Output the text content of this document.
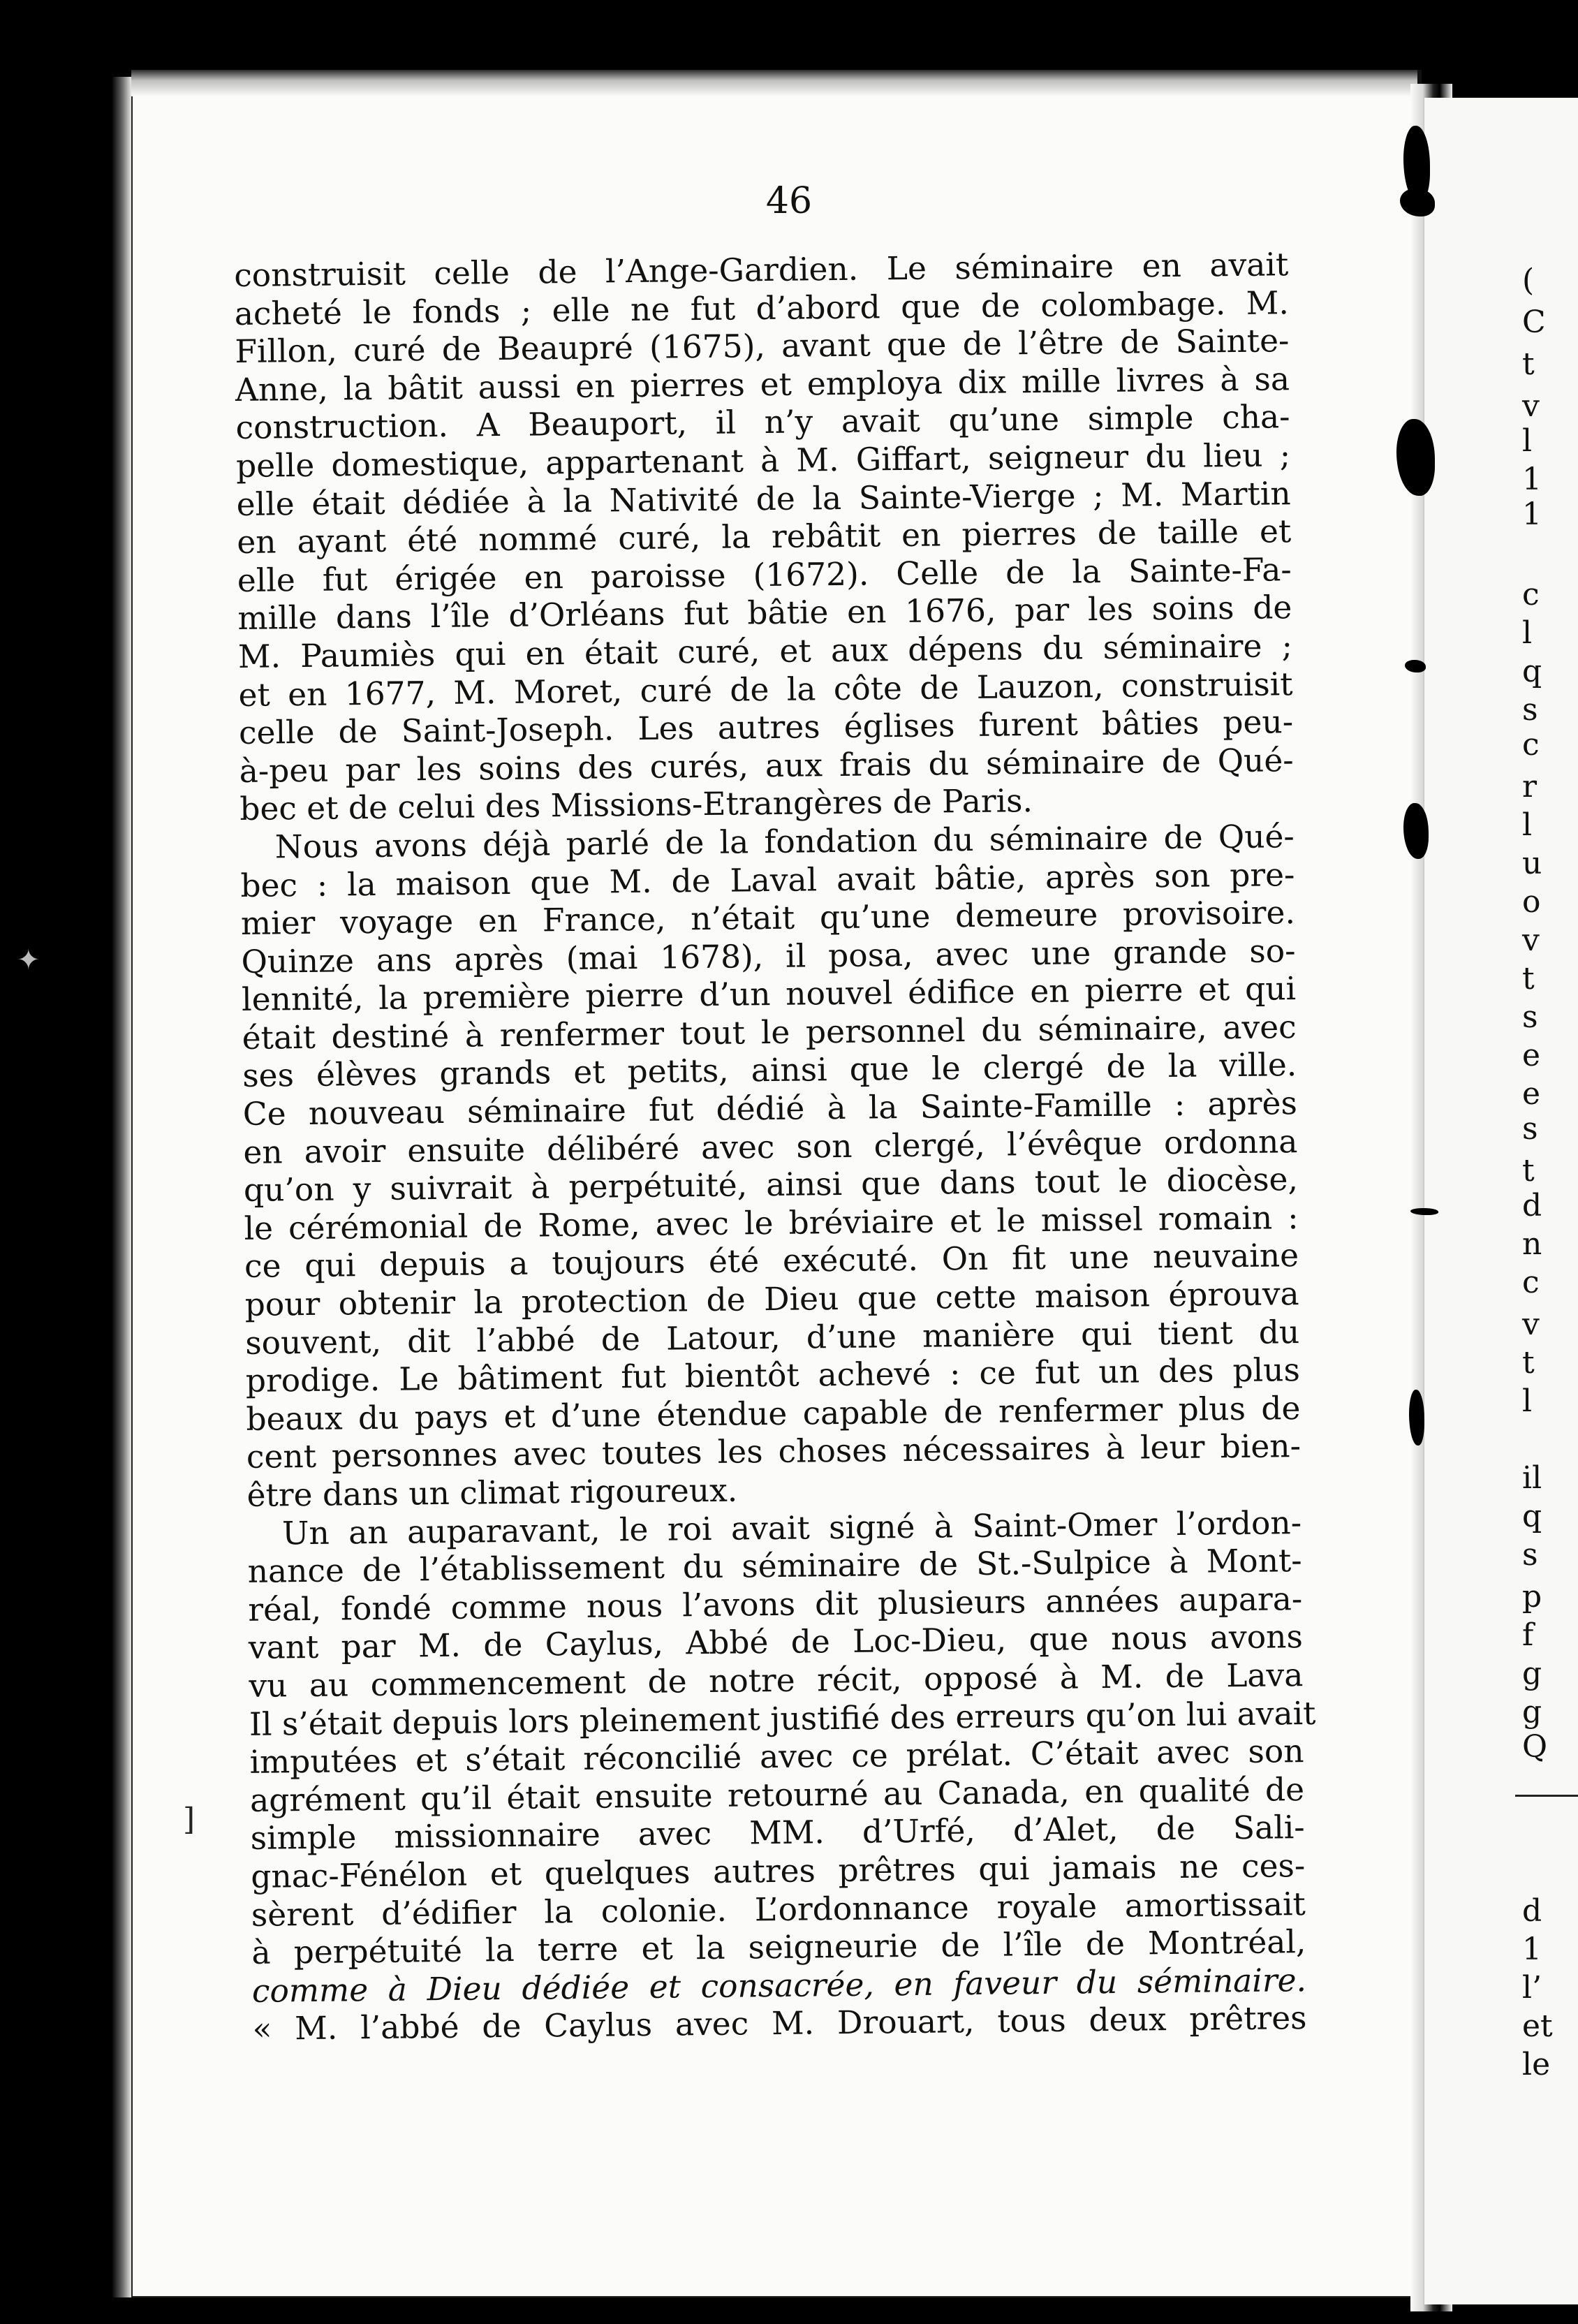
46
construisit celle de l’Ange-Gardien. Le séminaire en avait
acheté le fonds ; elle ne fut d’abord que de colombage. M.
Fillon, curé de Beaupré (1675), avant que de l’être de Sainte-
Anne, la bâtit aussi en pierres et employa dix mille livres à sa
construction. A Beauport, il n’y avait qu’une simple cha-
pelle domestique, appartenant à M. Giffart, seigneur du lieu ;
elle était dédiée à la Nativité de la Sainte-Vierge ; M. Martin
en ayant été nommé curé, la rebâtit en pierres de taille et
elle fut érigée en paroisse (1672). Celle de la Sainte-Fa-
mille dans l’île d’Orléans fut bâtie en 1676, par les soins de
M. Paumiès qui en était curé, et aux dépens du séminaire ;
et en 1677, M. Moret, curé de la côte de Lauzon, construisit
celle de Saint-Joseph. Les autres églises furent bâties peu-
à-peu par les soins des curés, aux frais du séminaire de Qué-
bec et de celui des Missions-Etrangères de Paris.
Nous avons déjà parlé de la fondation du séminaire de Qué-
bec : la maison que M. de Laval avait bâtie, après son pre-
mier voyage en France, n’était qu’une demeure provisoire.
Quinze ans après (mai 1678), il posa, avec une grande so-
lennité, la première pierre d’un nouvel édifice en pierre et qui
était destiné à renfermer tout le personnel du séminaire, avec
ses élèves grands et petits, ainsi que le clergé de la ville.
Ce nouveau séminaire fut dédié à la Sainte-Famille : après
en avoir ensuite délibéré avec son clergé, l’évêque ordonna
qu’on y suivrait à perpétuité, ainsi que dans tout le diocèse,
le cérémonial de Rome, avec le bréviaire et le missel romain :
ce qui depuis a toujours été exécuté. On fit une neuvaine
pour obtenir la protection de Dieu que cette maison éprouva
souvent, dit l’abbé de Latour, d’une manière qui tient du
prodige. Le bâtiment fut bientôt achevé : ce fut un des plus
beaux du pays et d’une étendue capable de renfermer plus de
cent personnes avec toutes les choses nécessaires à leur bien-
être dans un climat rigoureux.
Un an auparavant, le roi avait signé à Saint-Omer l’ordon-
nance de l’établissement du séminaire de St.-Sulpice à Mont-
réal, fondé comme nous l’avons dit plusieurs années aupara-
vant par M. de Caylus, Abbé de Loc-Dieu, que nous avons
vu au commencement de notre récit, opposé à M. de Lava
Il s’était depuis lors pleinement justifié des erreurs qu’on lui avait
imputées et s’était réconcilié avec ce prélat. C’était avec son
agrément qu’il était ensuite retourné au Canada, en qualité de
simple missionnaire avec MM. d’Urfé, d’Alet, de Sali-
gnac-Fénélon et quelques autres prêtres qui jamais ne ces-
sèrent d’édifier la colonie. L’ordonnance royale amortissait
à perpétuité la terre et la seigneurie de l’île de Montréal,
comme à Dieu dédiée et consacrée, en faveur du séminaire.
« M. l’abbé de Caylus avec M. Drouart, tous deux prêtres
✦
]
(
C
t
v
l
1
1
c
l
q
s
c
r
l
u
o
v
t
s
e
e
s
t
d
n
c
v
t
l
il
q
s
p
f
g
g
Q
d
1
l’
et
le
